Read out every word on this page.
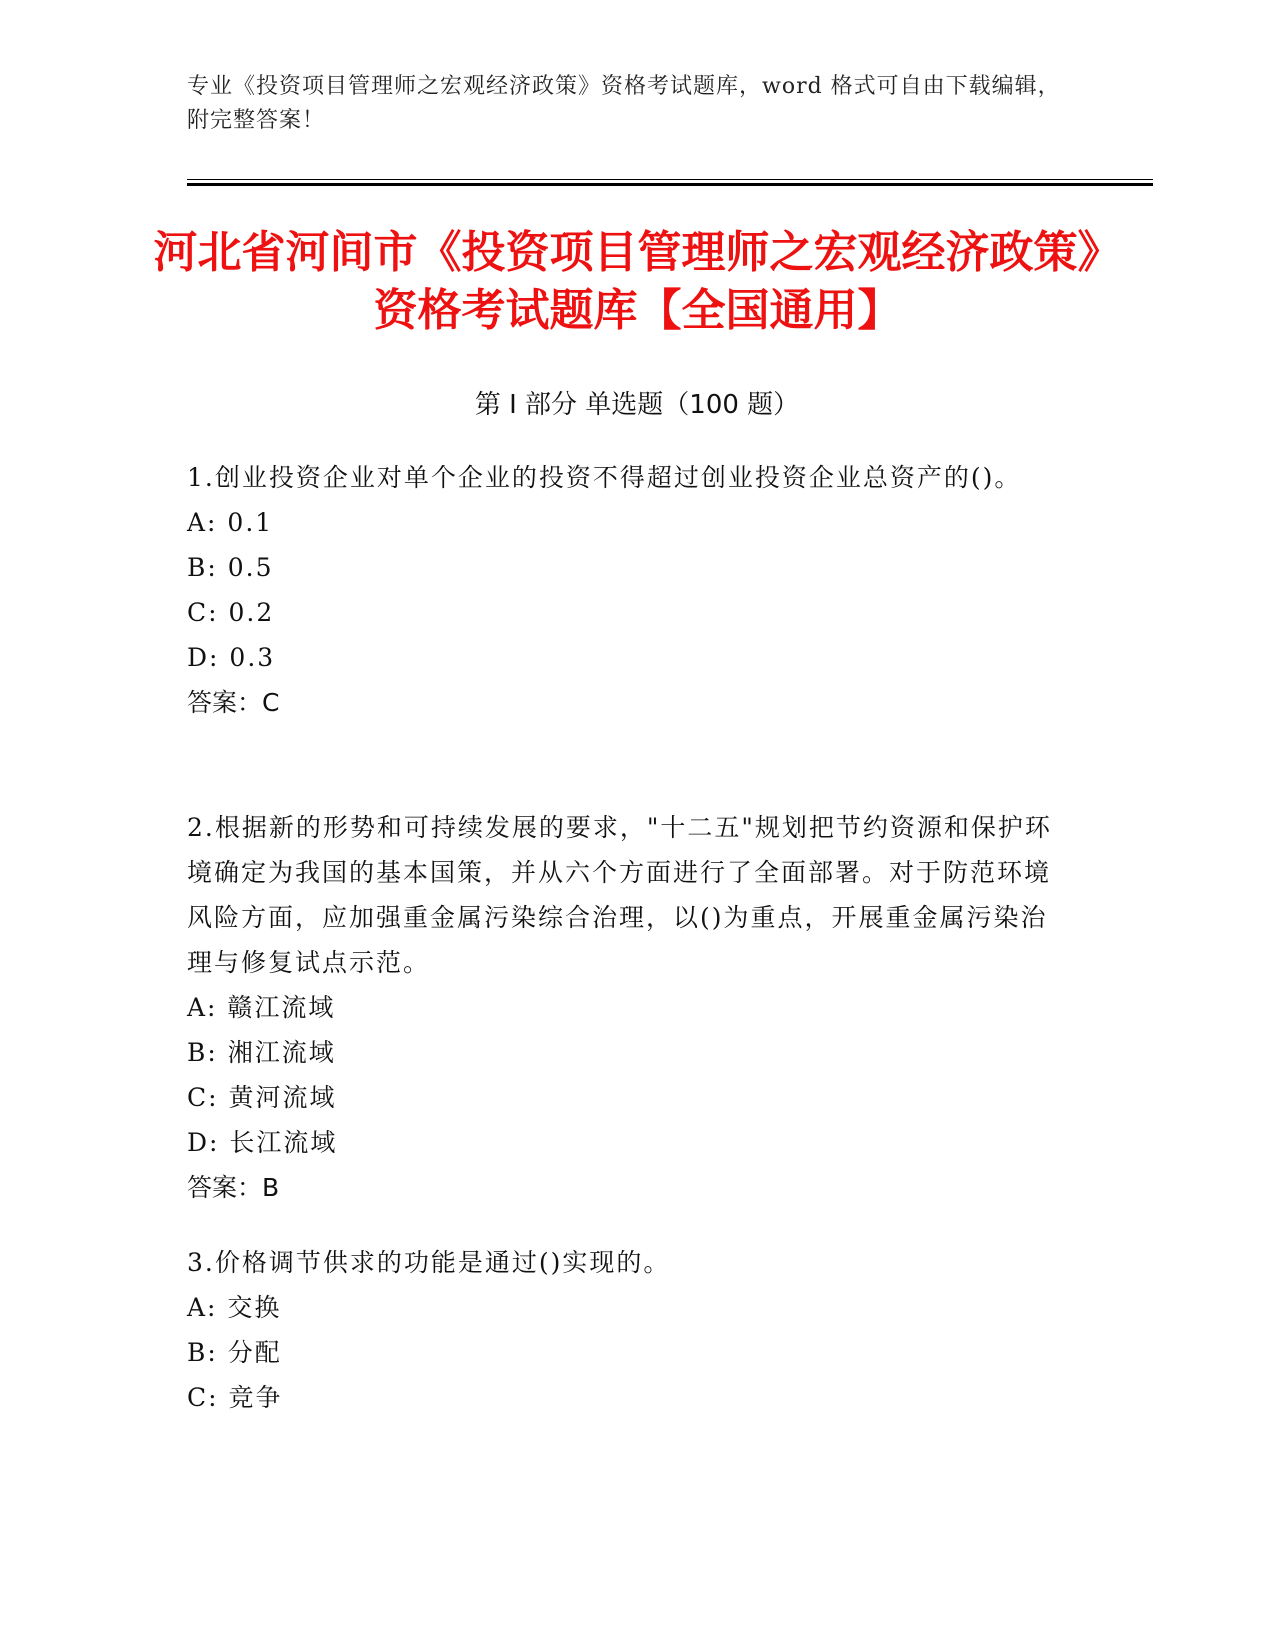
专业《投资项目管理师之宏观经济政策》资格考试题库，word 格式可自由下载编辑，附完整答案！
河北省河间市《投资项目管理师之宏观经济政策》资格考试题库【全国通用】
第 I 部分 单选题（100 题）

1.创业投资企业对单个企业的投资不得超过创业投资企业总资产的()。

A: 0.1

B: 0.5

C: 0.2

D: 0.3

答案：C

2.根据新的形势和可持续发展的要求，"十二五"规划把节约资源和保护环境确定为我国的基本国策，并从六个方面进行了全面部署。对于防范环境风险方面，应加强重金属污染综合治理，以()为重点，开展重金属污染治理与修复试点示范。

A: 赣江流域

B: 湘江流域

C: 黄河流域

D: 长江流域

答案：B

3.价格调节供求的功能是通过()实现的。

A: 交换

B: 分配

C: 竞争
